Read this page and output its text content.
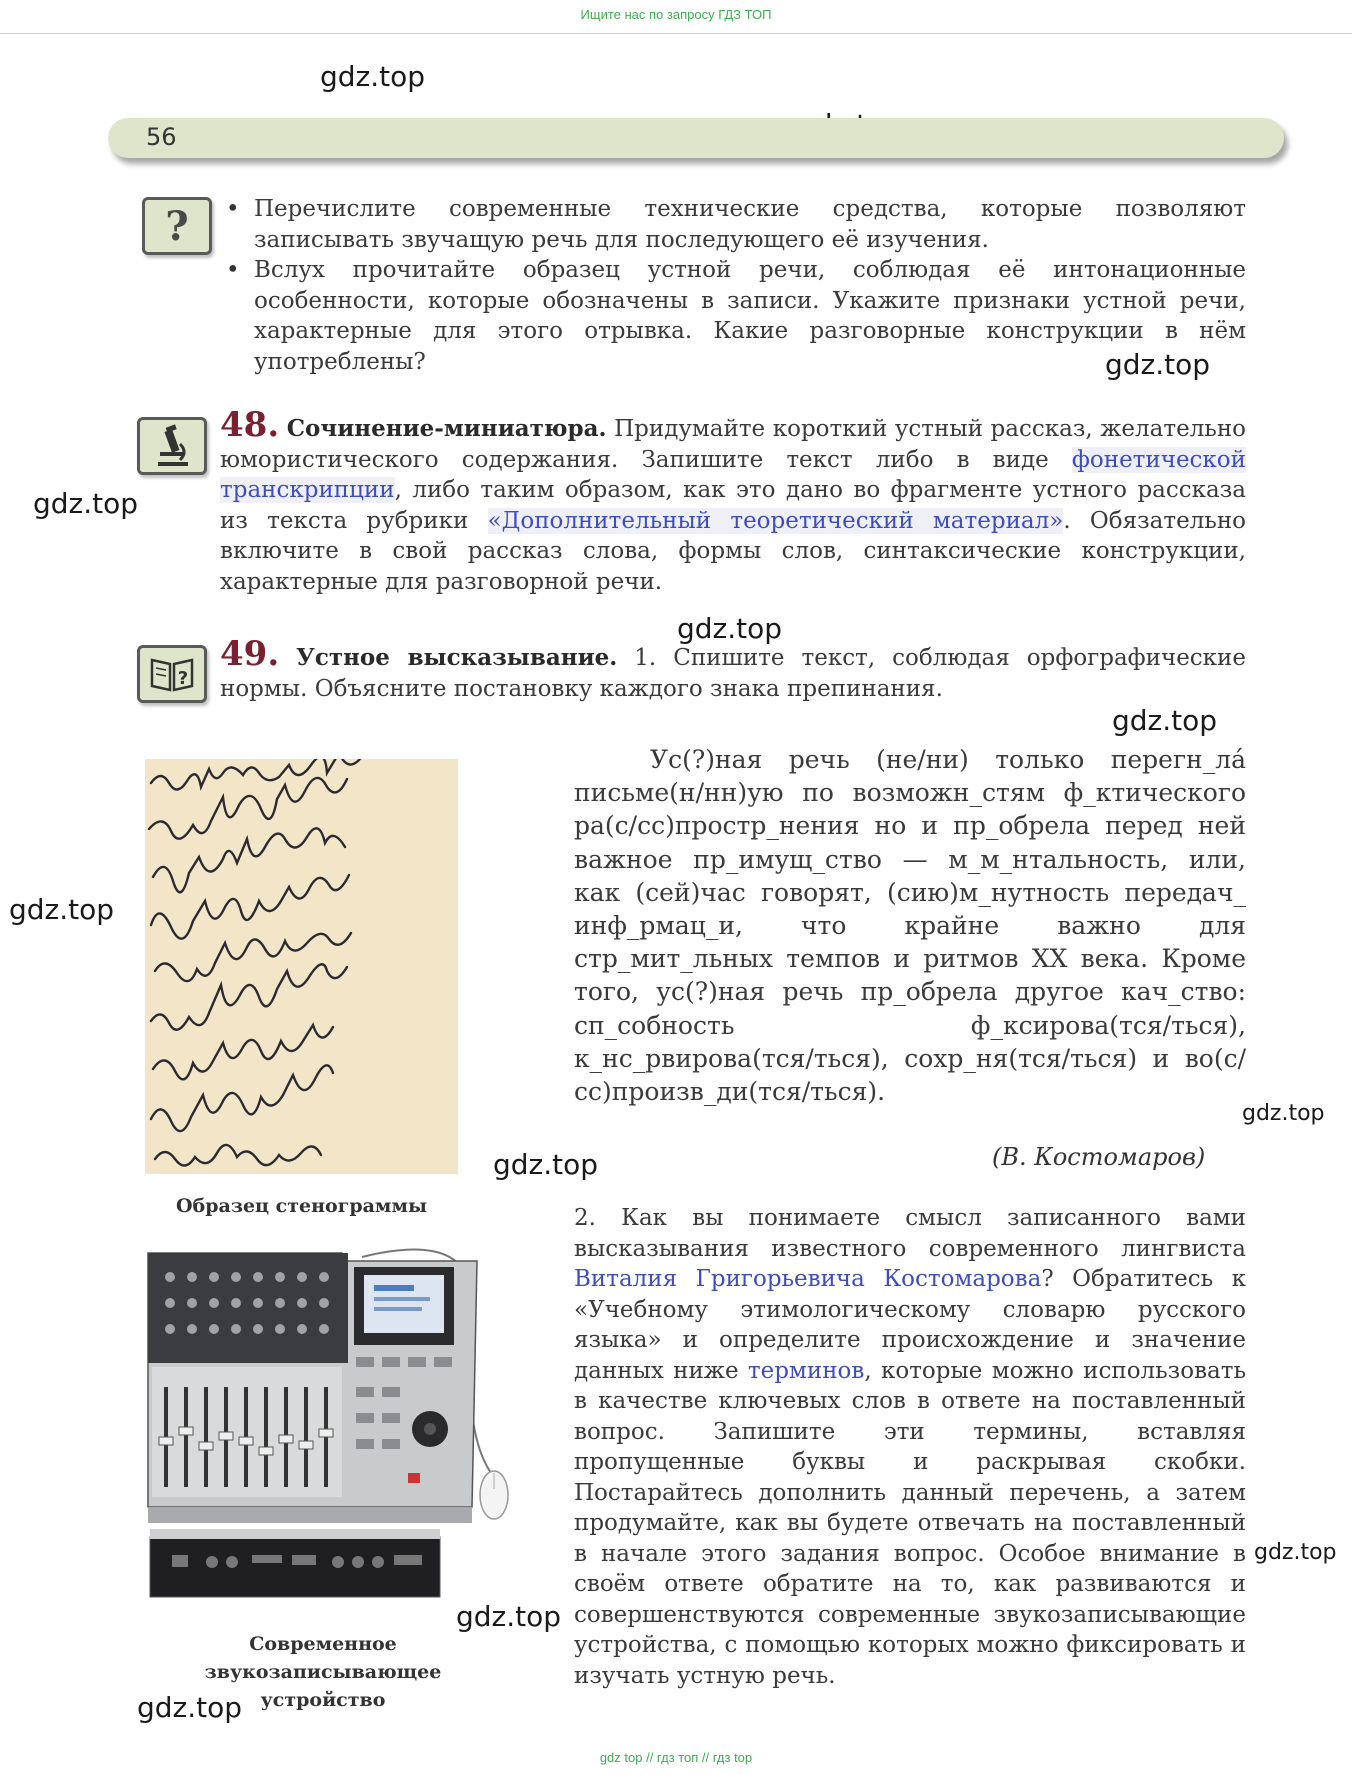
Ищите нас по запросу ГДЗ ТОП
gdz.top
gdz.top
gdz.top
gdz.top
gdz.top
gdz.top
gdz.top
gdz.top
gdz.top
gdz.top
gdz.top
56
?
•	Перечислите современные технические средства, которые позволяют записывать звучащую речь для последующего её изучения.
• Вслух прочитайте образец устной речи, соблюдая её интонационные особенности, которые обозначены в записи. Укажите признаки устной речи, характерные для этого отрывка. Какие разговорные конструкции в нём употреблены?
48. Сочинение-миниатюра. Придумайте короткий устный рассказ, желательно юмористического содержания. Запишите текст либо в виде фонетической транскрипции, либо таким образом, как это дано во фрагменте устного рассказа из текста рубрики «Дополнительный теоретический материал». Обязательно включите в свой рассказ слова, формы слов, синтаксические конструкции, характерные для разговорной речи.
?
49. Устное высказывание. 1. Спишите текст, соблюдая орфографические нормы. Объясните постановку каждого знака препинания.
Образец стенограммы
Ус(?)ная речь (не/ни) только перегн_ла́ письме(н/нн)ую по возможн_стям ф_ктического ра(с/сс)простр_нения но и пр_обрела перед ней важное пр_имущ_ство — м_м_нтальность, или, как (сей)час говорят, (сию)м_нутность передач_ инф_рмац_и, что крайне важно для стр_мит_льных темпов и ритмов XX века. Кроме того, ус(?)ная речь пр_обрела другое кач_ство: сп_собность ф_ксирова(тся/ться), к_нс_рвирова(тся/ться), сохр_ня(тся/ться) и во(с/сс)произв_ди(тся/ться).
(В. Костомаров)
2. Как вы понимаете смысл записанного вами высказывания известного современного лингвиста Виталия Григорьевича Костомарова? Обратитесь к «Учебному этимологическому словарю русского языка» и определите происхождение и значение данных ниже терминов, которые можно использовать в качестве ключевых слов в ответе на поставленный вопрос. Запишите эти термины, вставляя пропущенные буквы и раскрывая скобки. Постарайтесь дополнить данный перечень, а затем продумайте, как вы будете отвечать на поставленный в начале этого задания вопрос. Особое внимание в своём ответе обратите на то, как развиваются и совершенствуются современные звукозаписывающие устройства, с помощью которых можно фиксировать и изучать устную речь.
Современное звукозаписывающее устройство
gdz top // гдз топ // гдз top
